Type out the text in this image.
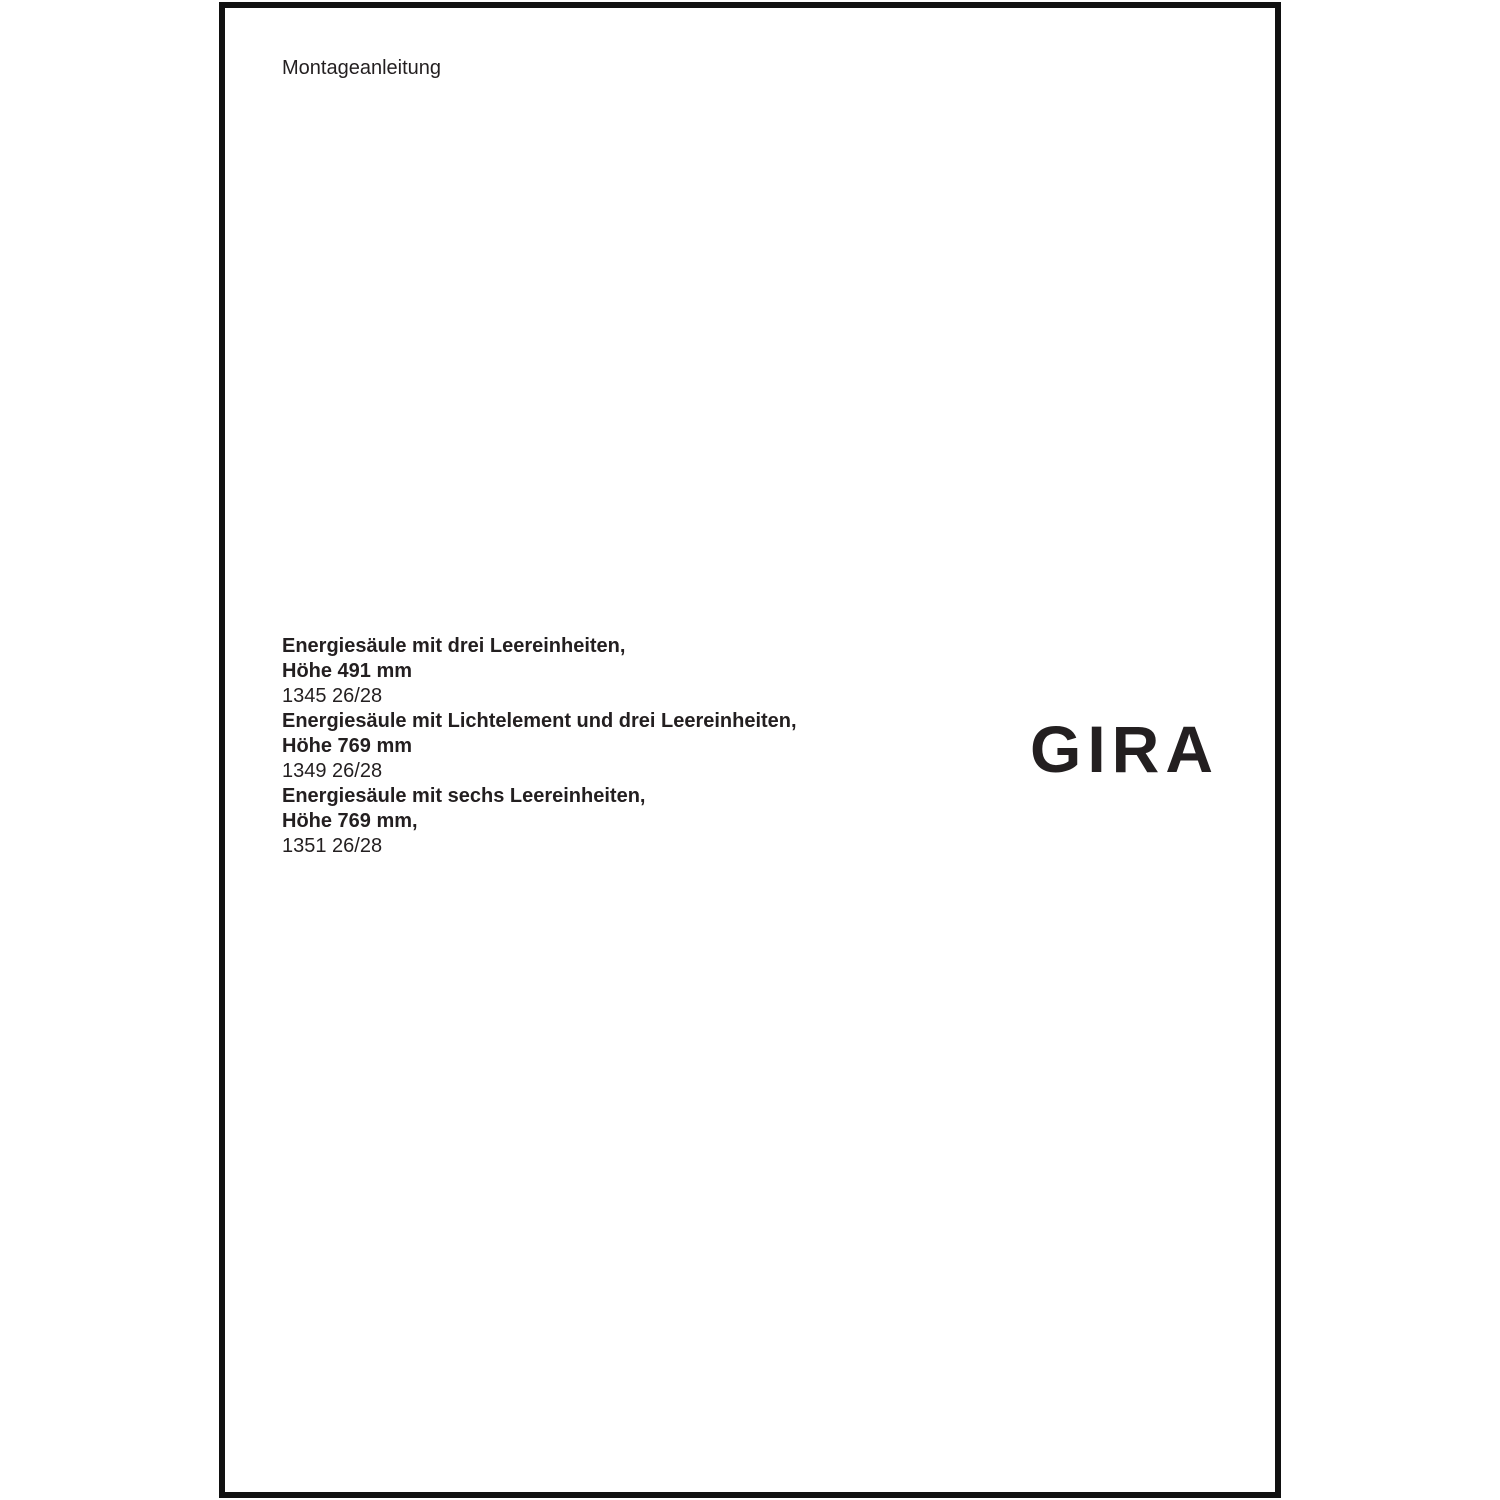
Montageanleitung

Energiesäule mit drei Leereinheiten,

Höhe 491 mm

1345 26/28

Energiesäule mit Lichtelement und drei Leereinheiten,

Höhe 769 mm

1349 26/28

Energiesäule mit sechs Leereinheiten,

Höhe 769 mm,

1351 26/28

GIRA
